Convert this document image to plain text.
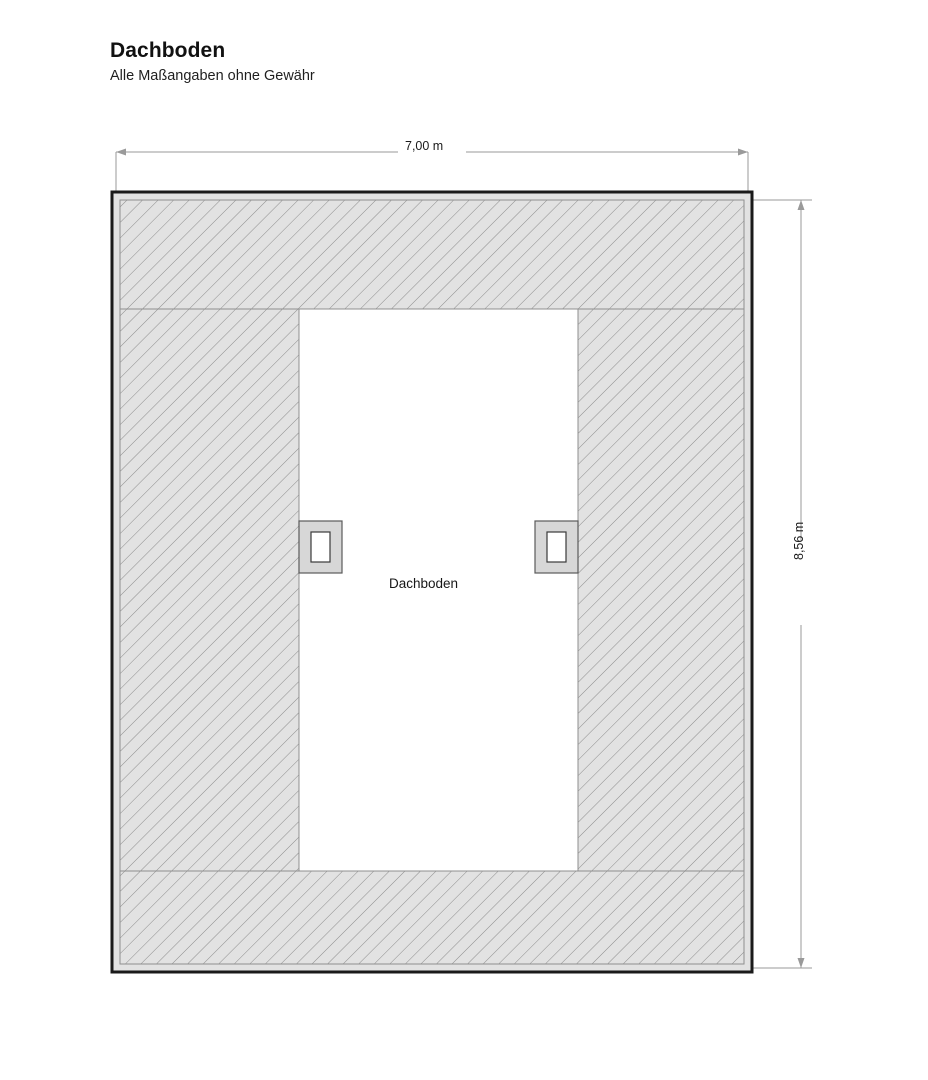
Dachboden
Alle Maßangaben ohne Gewähr
7,00 m
8,56 m
Dachboden
